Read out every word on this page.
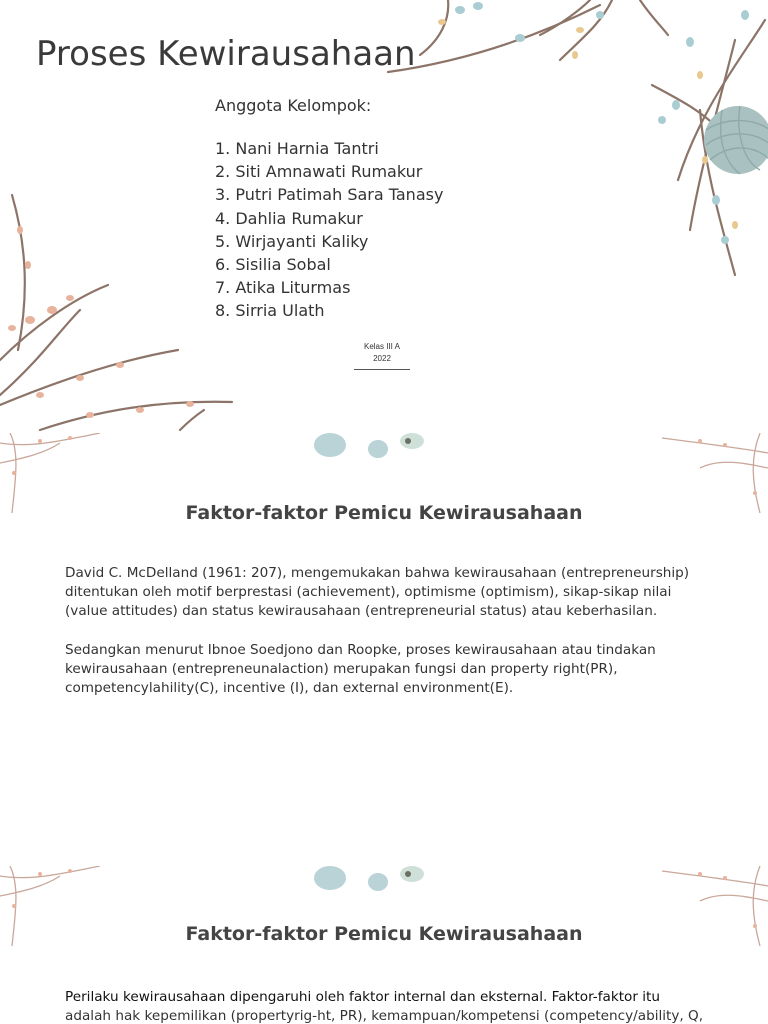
Proses Kewirausahaan
Anggota Kelompok:
1. Nani Harnia Tantri
2. Siti Amnawati Rumakur
3. Putri Patimah Sara Tanasy
4. Dahlia Rumakur
5. Wirjayanti Kaliky
6. Sisilia Sobal
7. Atika Liturmas
8. Sirria Ulath
Kelas III A
2022
Faktor-faktor Pemicu Kewirausahaan
David C. McDelland (1961: 207), mengemukakan bahwa kewirausahaan (entrepreneurship) ditentukan oleh motif berprestasi (achievement), optimisme (optimism), sikap-sikap nilai (value attitudes) dan status kewirausahaan (entrepreneurial status) atau keberhasilan.
Sedangkan menurut Ibnoe Soedjono dan Roopke, proses kewirausahaan atau tindakan kewirausahaan (entrepreneunalaction) merupakan fungsi dan property right(PR), competencylahility(C), incentive (I), dan external environment(E).
Faktor-faktor Pemicu Kewirausahaan
Perilaku kewirausahaan dipengaruhi oleh faktor internal dan eksternal. Faktor-faktor itu
adalah hak kepemilikan (propertyrig-ht, PR), kemampuan/kompetensi (competency/ability, Q,
